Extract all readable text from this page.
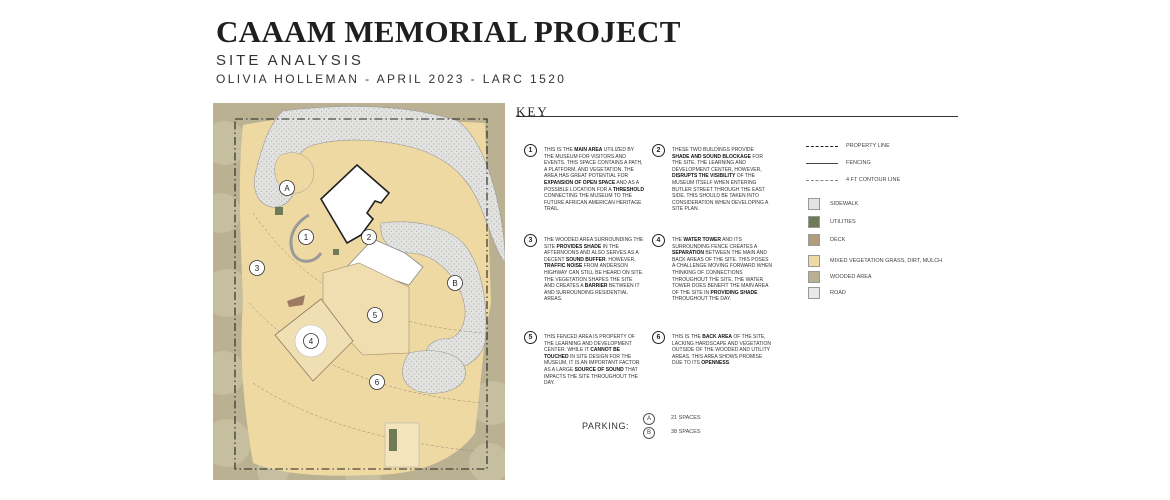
CAAAM MEMORIAL PROJECT
SITE ANALYSIS
OLIVIA HOLLEMAN - APRIL 2023 - LARC 1520
A
B
1	2
3
4
5
6
KEY
1	THIS IS THE MAIN AREA UTILIZED BY THE MUSEUM FOR VISITORS AND EVENTS. THIS SPACE CONTAINS A PATH, A PLATFORM, AND VEGETATION. THE AREA HAS GREAT POTENTIAL FOR EXPANSION OF OPEN SPACE AND AS A POSSIBLE LOCATION FOR A THRESHOLD CONNECTING THE MUSEUM TO THE FUTURE AFRICAN AMERICAN HERITAGE TRAIL.
2	THESE TWO BUILDINGS PROVIDE SHADE AND SOUND BLOCKAGE FOR THE SITE. THE LEARNING AND DEVELOPMENT CENTER, HOWEVER, DISRUPTS THE VISIBILITY OF THE MUSEUM ITSELF WHEN ENTERING BUTLER STREET THROUGH THE EAST SIDE. THIS SHOULD BE TAKEN INTO CONSIDERATION WHEN DEVELOPING A SITE PLAN.
3	THE WOODED AREA SURROUNDING THE SITE PROVIDES SHADE IN THE AFTERNOONS AND ALSO SERVES AS A DECENT SOUND BUFFER. HOWEVER, TRAFFIC NOISE FROM ANDERSON HIGHWAY CAN STILL BE HEARD ON SITE. THE VEGETATION SHAPES THE SITE AND CREATES A BARRIER BETWEEN IT AND SURROUNDING RESIDENTIAL AREAS.
4	THE WATER TOWER AND ITS SURROUNDING FENCE CREATES A SEPARATION BETWEEN THE MAIN AND BACK AREAS OF THE SITE. THIS POSES A CHALLENGE MOVING FORWARD WHEN THINKING OF CONNECTIONS THROUGHOUT THE SITE. THE WATER TOWER DOES BENEFIT THE MAIN AREA OF THE SITE IN PROVIDING SHADE THROUGHOUT THE DAY.
5	THIS FENCED AREA IS PROPERTY OF THE LEARNING AND DEVELOPMENT CENTER. WHILE IT CANNOT BE TOUCHED IN SITE DESIGN FOR THE MUSEUM, IT IS AN IMPORTANT FACTOR AS A LARGE SOURCE OF SOUND THAT IMPACTS THE SITE THROUGHOUT THE DAY.
6	THIS IS THE BACK AREA OF THE SITE, LACKING HARDSCAPE AND VEGETATION OUTSIDE OF THE WOODED AND UTILITY AREAS. THIS AREA SHOWS PROMISE DUE TO ITS OPENNESS.
PROPERTY LINE
FENCING
4 FT CONTOUR LINE
SIDEWALK
UTILITIES
DECK
MIXED VEGETATION GRASS, DIRT, MULCH
WOODED AREA
ROAD
PARKING:
A	21 SPACES
B	38 SPACES
